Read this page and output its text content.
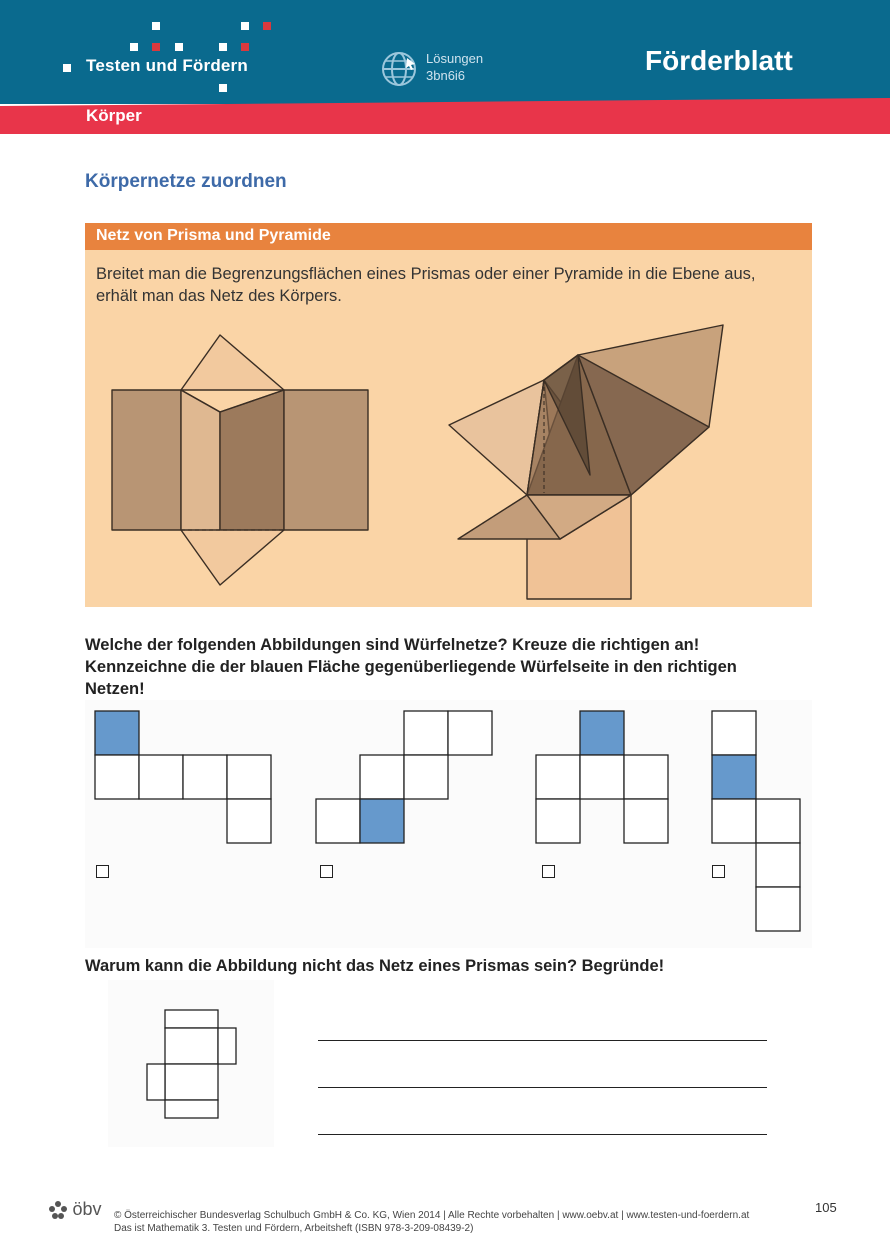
Testen und Fördern	Lösungen
3bn6i6	Förderblatt
Körper
Körpernetze zuordnen
Netz von Prisma und Pyramide
Breitet man die Begrenzungsflächen eines Prismas oder einer Pyramide in die Ebene aus, erhält man das Netz des Körpers.
Welche der folgenden Abbildungen sind Würfelnetze? Kreuze die richtigen an!
Kennzeichne die der blauen Fläche gegenüberliegende Würfelseite in den richtigen
Netzen!
Warum kann die Abbildung nicht das Netz eines Prismas sein? Begründe!
öbv © Österreichischer Bundesverlag Schulbuch GmbH & Co. KG, Wien 2014 | Alle Rechte vorbehalten | www.oebv.at | www.testen-und-foerdern.at
Das ist Mathematik 3. Testen und Fördern, Arbeitsheft (ISBN 978-3-209-08439-2)
105
